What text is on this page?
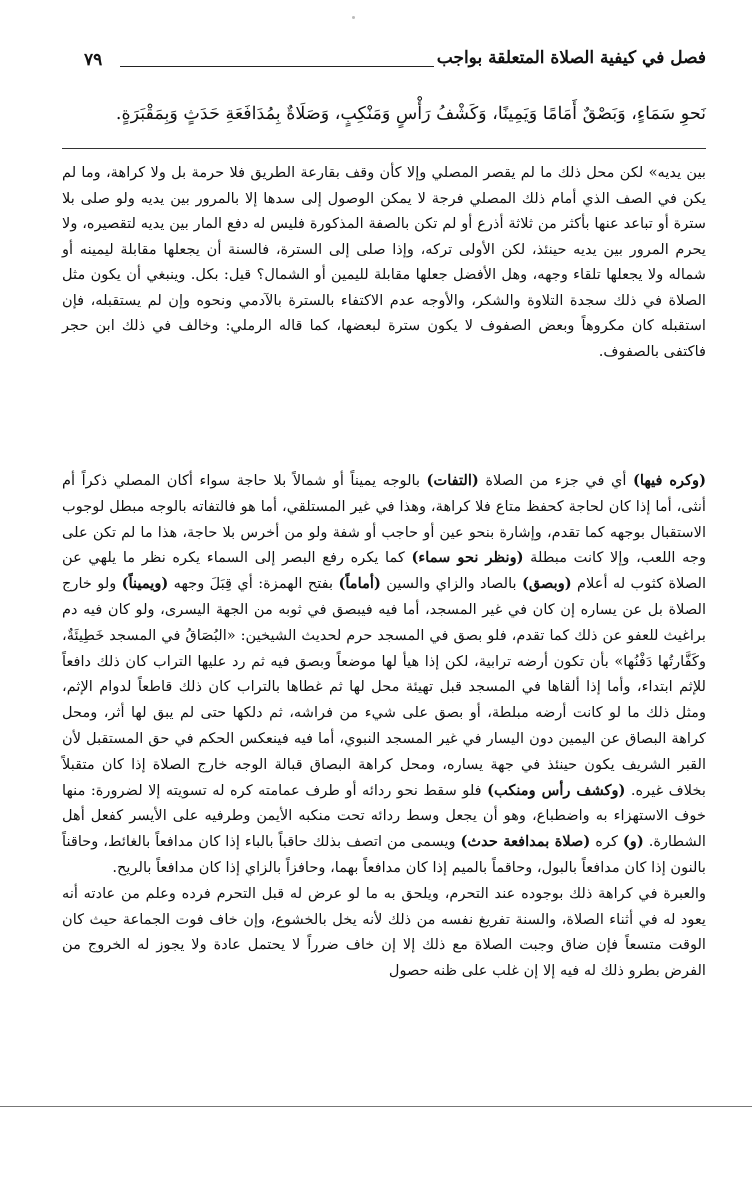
فصل في كيفية الصلاة المتعلقة بواجب
٧٩
نَحوِ سَمَاءٍ، وَبَصْقٌ أَمَامًا وَيَمِينًا، وَكَشْفُ رَأْسٍ وَمَنْكِبٍ، وَصَلَاةٌ بِمُدَافَعَةِ حَدَثٍ وَبِمَقْبَرَةٍ.
بين يديه» لكن محل ذلك ما لم يقصر المصلي وإلا كأن وقف بقارعة الطريق فلا حرمة بل ولا كراهة، وما لم يكن في الصف الذي أمام ذلك المصلي فرجة لا يمكن الوصول إلى سدها إلا بالمرور بين يديه ولو صلى بلا سترة أو تباعد عنها بأكثر من ثلاثة أذرع أو لم تكن بالصفة المذكورة فليس له دفع المار بين يديه لتقصيره، ولا يحرم المرور بين يديه حينئذ، لكن الأولى تركه، وإذا صلى إلى السترة، فالسنة أن يجعلها مقابلة ليمينه أو شماله ولا يجعلها تلقاء وجهه، وهل الأفضل جعلها مقابلة لليمين أو الشمال؟ قيل: بكل. وينبغي أن يكون مثل الصلاة في ذلك سجدة التلاوة والشكر، والأوجه عدم الاكتفاء بالسترة بالآدمي ونحوه وإن لم يستقبله، فإن استقبله كان مكروهاً وبعض الصفوف لا يكون سترة لبعضها، كما قاله الرملي: وخالف في ذلك ابن حجر فاكتفى بالصفوف.

(وكره فيها) أي في جزء من الصلاة (التفات) بالوجه يميناً أو شمالاً بلا حاجة سواء أكان المصلي ذكراً أم أنثى، أما إذا كان لحاجة كحفظ متاع فلا كراهة، وهذا في غير المستلقي، أما هو فالتفاته بالوجه مبطل لوجوب الاستقبال بوجهه كما تقدم، وإشارة بنحو عين أو حاجب أو شفة ولو من أخرس بلا حاجة، هذا ما لم تكن على وجه اللعب، وإلا كانت مبطلة (ونظر نحو سماء) كما يكره رفع البصر إلى السماء يكره نظر ما يلهي عن الصلاة كثوب له أعلام (وبصق) بالصاد والزاي والسين (أماماً) بفتح الهمزة: أي قِبَلَ وجهه (ويميناً) ولو خارج الصلاة بل عن يساره إن كان في غير المسجد، أما فيه فيبصق في ثوبه من الجهة اليسرى، ولو كان فيه دم براغيث للعفو عن ذلك كما تقدم، فلو بصق في المسجد حرم لحديث الشيخين: «البُصَاقُ في المسجد خَطِيئَةٌ، وكَفَّارتُها دَفْنُها» بأن تكون أرضه ترابية، لكن إذا هيأ لها موضعاً وبصق فيه ثم رد عليها التراب كان ذلك دافعاً للإثم ابتداء، وأما إذا ألقاها في المسجد قبل تهيئة محل لها ثم غطاها بالتراب كان ذلك قاطعاً لدوام الإثم، ومثل ذلك ما لو كانت أرضه مبلطة، أو بصق على شيء من فراشه، ثم دلكها حتى لم يبق لها أثر، ومحل كراهة البصاق عن اليمين دون اليسار في غير المسجد النبوي، أما فيه فينعكس الحكم في حق المستقبل لأن القبر الشريف يكون حينئذ في جهة يساره، ومحل كراهة البصاق قبالة الوجه خارج الصلاة إذا كان متقبلاً بخلاف غيره. (وكشف رأس ومنكب) فلو سقط نحو ردائه أو طرف عمامته كره له تسويته إلا لضرورة: منها خوف الاستهزاء به واضطباع، وهو أن يجعل وسط ردائه تحت منكبه الأيمن وطرفيه على الأيسر كفعل أهل الشطارة. (و) كره (صلاة بمدافعة حدث) ويسمى من اتصف بذلك حاقباً بالباء إذا كان مدافعاً بالغائط، وحاقناً بالنون إذا كان مدافعاً بالبول، وحاقماً بالميم إذا كان مدافعاً بهما، وحافزاً بالزاي إذا كان مدافعاً بالريح.

والعبرة في كراهة ذلك بوجوده عند التحرم، ويلحق به ما لو عرض له قبل التحرم فرده وعلم من عادته أنه يعود له في أثناء الصلاة، والسنة تفريغ نفسه من ذلك لأنه يخل بالخشوع، وإن خاف فوت الجماعة حيث كان الوقت متسعاً فإن ضاق وجبت الصلاة مع ذلك إلا إن خاف ضرراً لا يحتمل عادة ولا يجوز له الخروج من الفرض بطرو ذلك له فيه إلا إن غلب على ظنه حصول
